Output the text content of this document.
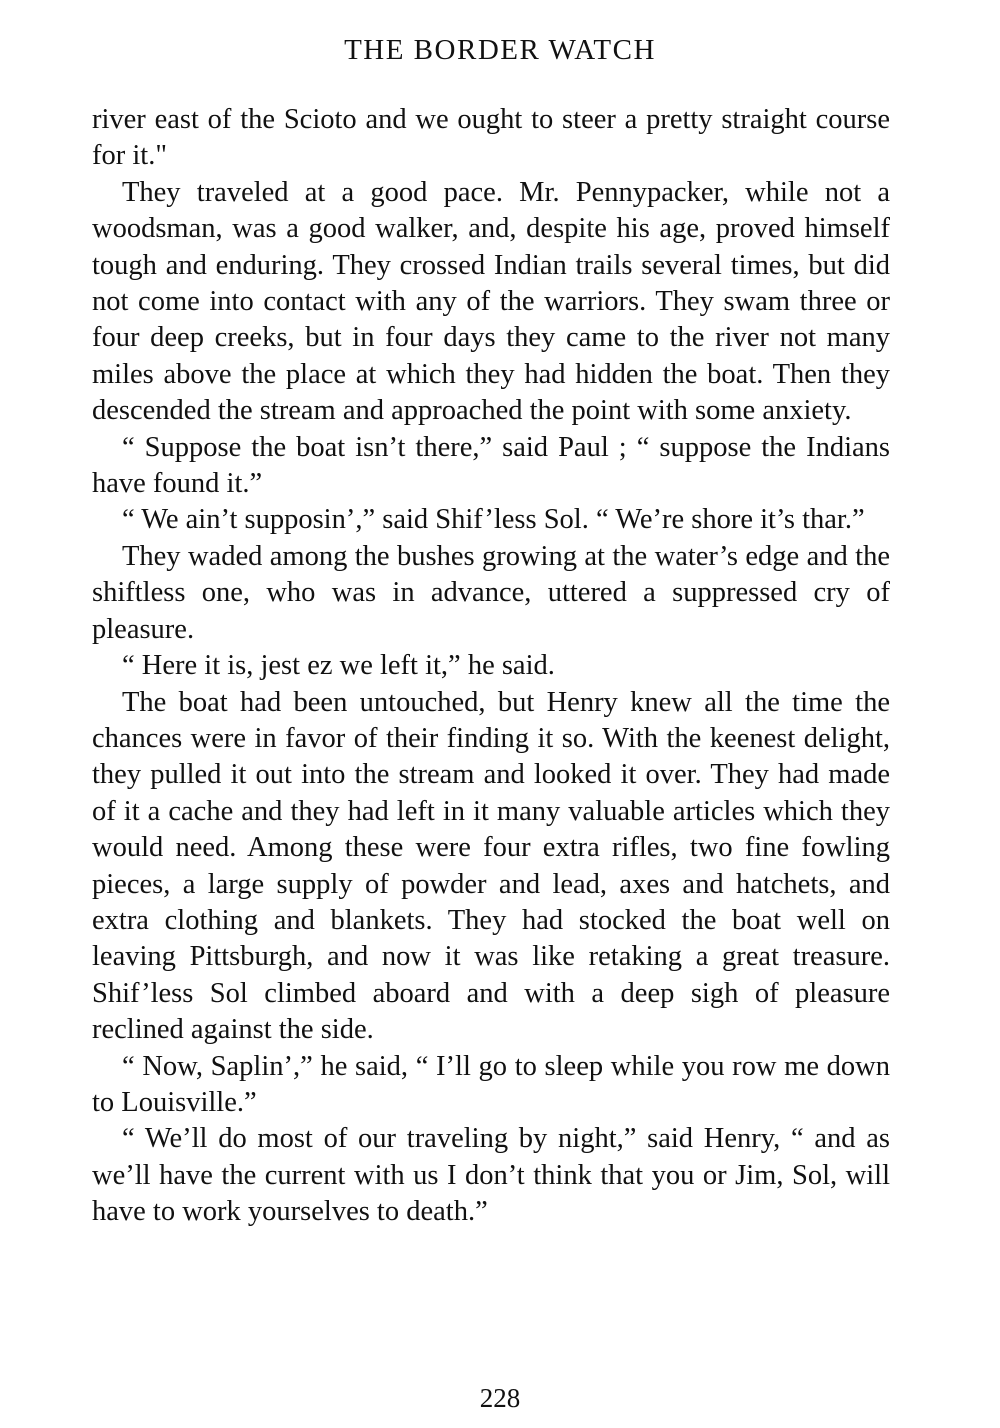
THE BORDER WATCH

river east of the Scioto and we ought to steer a pretty straight course for it."

They traveled at a good pace. Mr. Pennypacker, while not a woodsman, was a good walker, and, despite his age, proved himself tough and enduring. They crossed Indian trails several times, but did not come into contact with any of the warriors. They swam three or four deep creeks, but in four days they came to the river not many miles above the place at which they had hidden the boat. Then they descended the stream and approached the point with some anxiety.

“ Suppose the boat isn’t there,” said Paul ; “ suppose the Indians have found it.”

“ We ain’t supposin’,” said Shif’less Sol. “ We’re shore it’s thar.”

They waded among the bushes growing at the water’s edge and the shiftless one, who was in advance, uttered a suppressed cry of pleasure.

“ Here it is, jest ez we left it,” he said.

The boat had been untouched, but Henry knew all the time the chances were in favor of their finding it so. With the keenest delight, they pulled it out into the stream and looked it over. They had made of it a cache and they had left in it many valuable articles which they would need. Among these were four extra rifles, two fine fowling pieces, a large supply of powder and lead, axes and hatchets, and extra clothing and blankets. They had stocked the boat well on leaving Pittsburgh, and now it was like retaking a great treasure. Shif’less Sol climbed aboard and with a deep sigh of pleasure reclined against the side.

“ Now, Saplin’,” he said, “ I’ll go to sleep while you row me down to Louisville.”

“ We’ll do most of our traveling by night,” said Henry, “ and as we’ll have the current with us I don’t think that you or Jim, Sol, will have to work yourselves to death.”

228
